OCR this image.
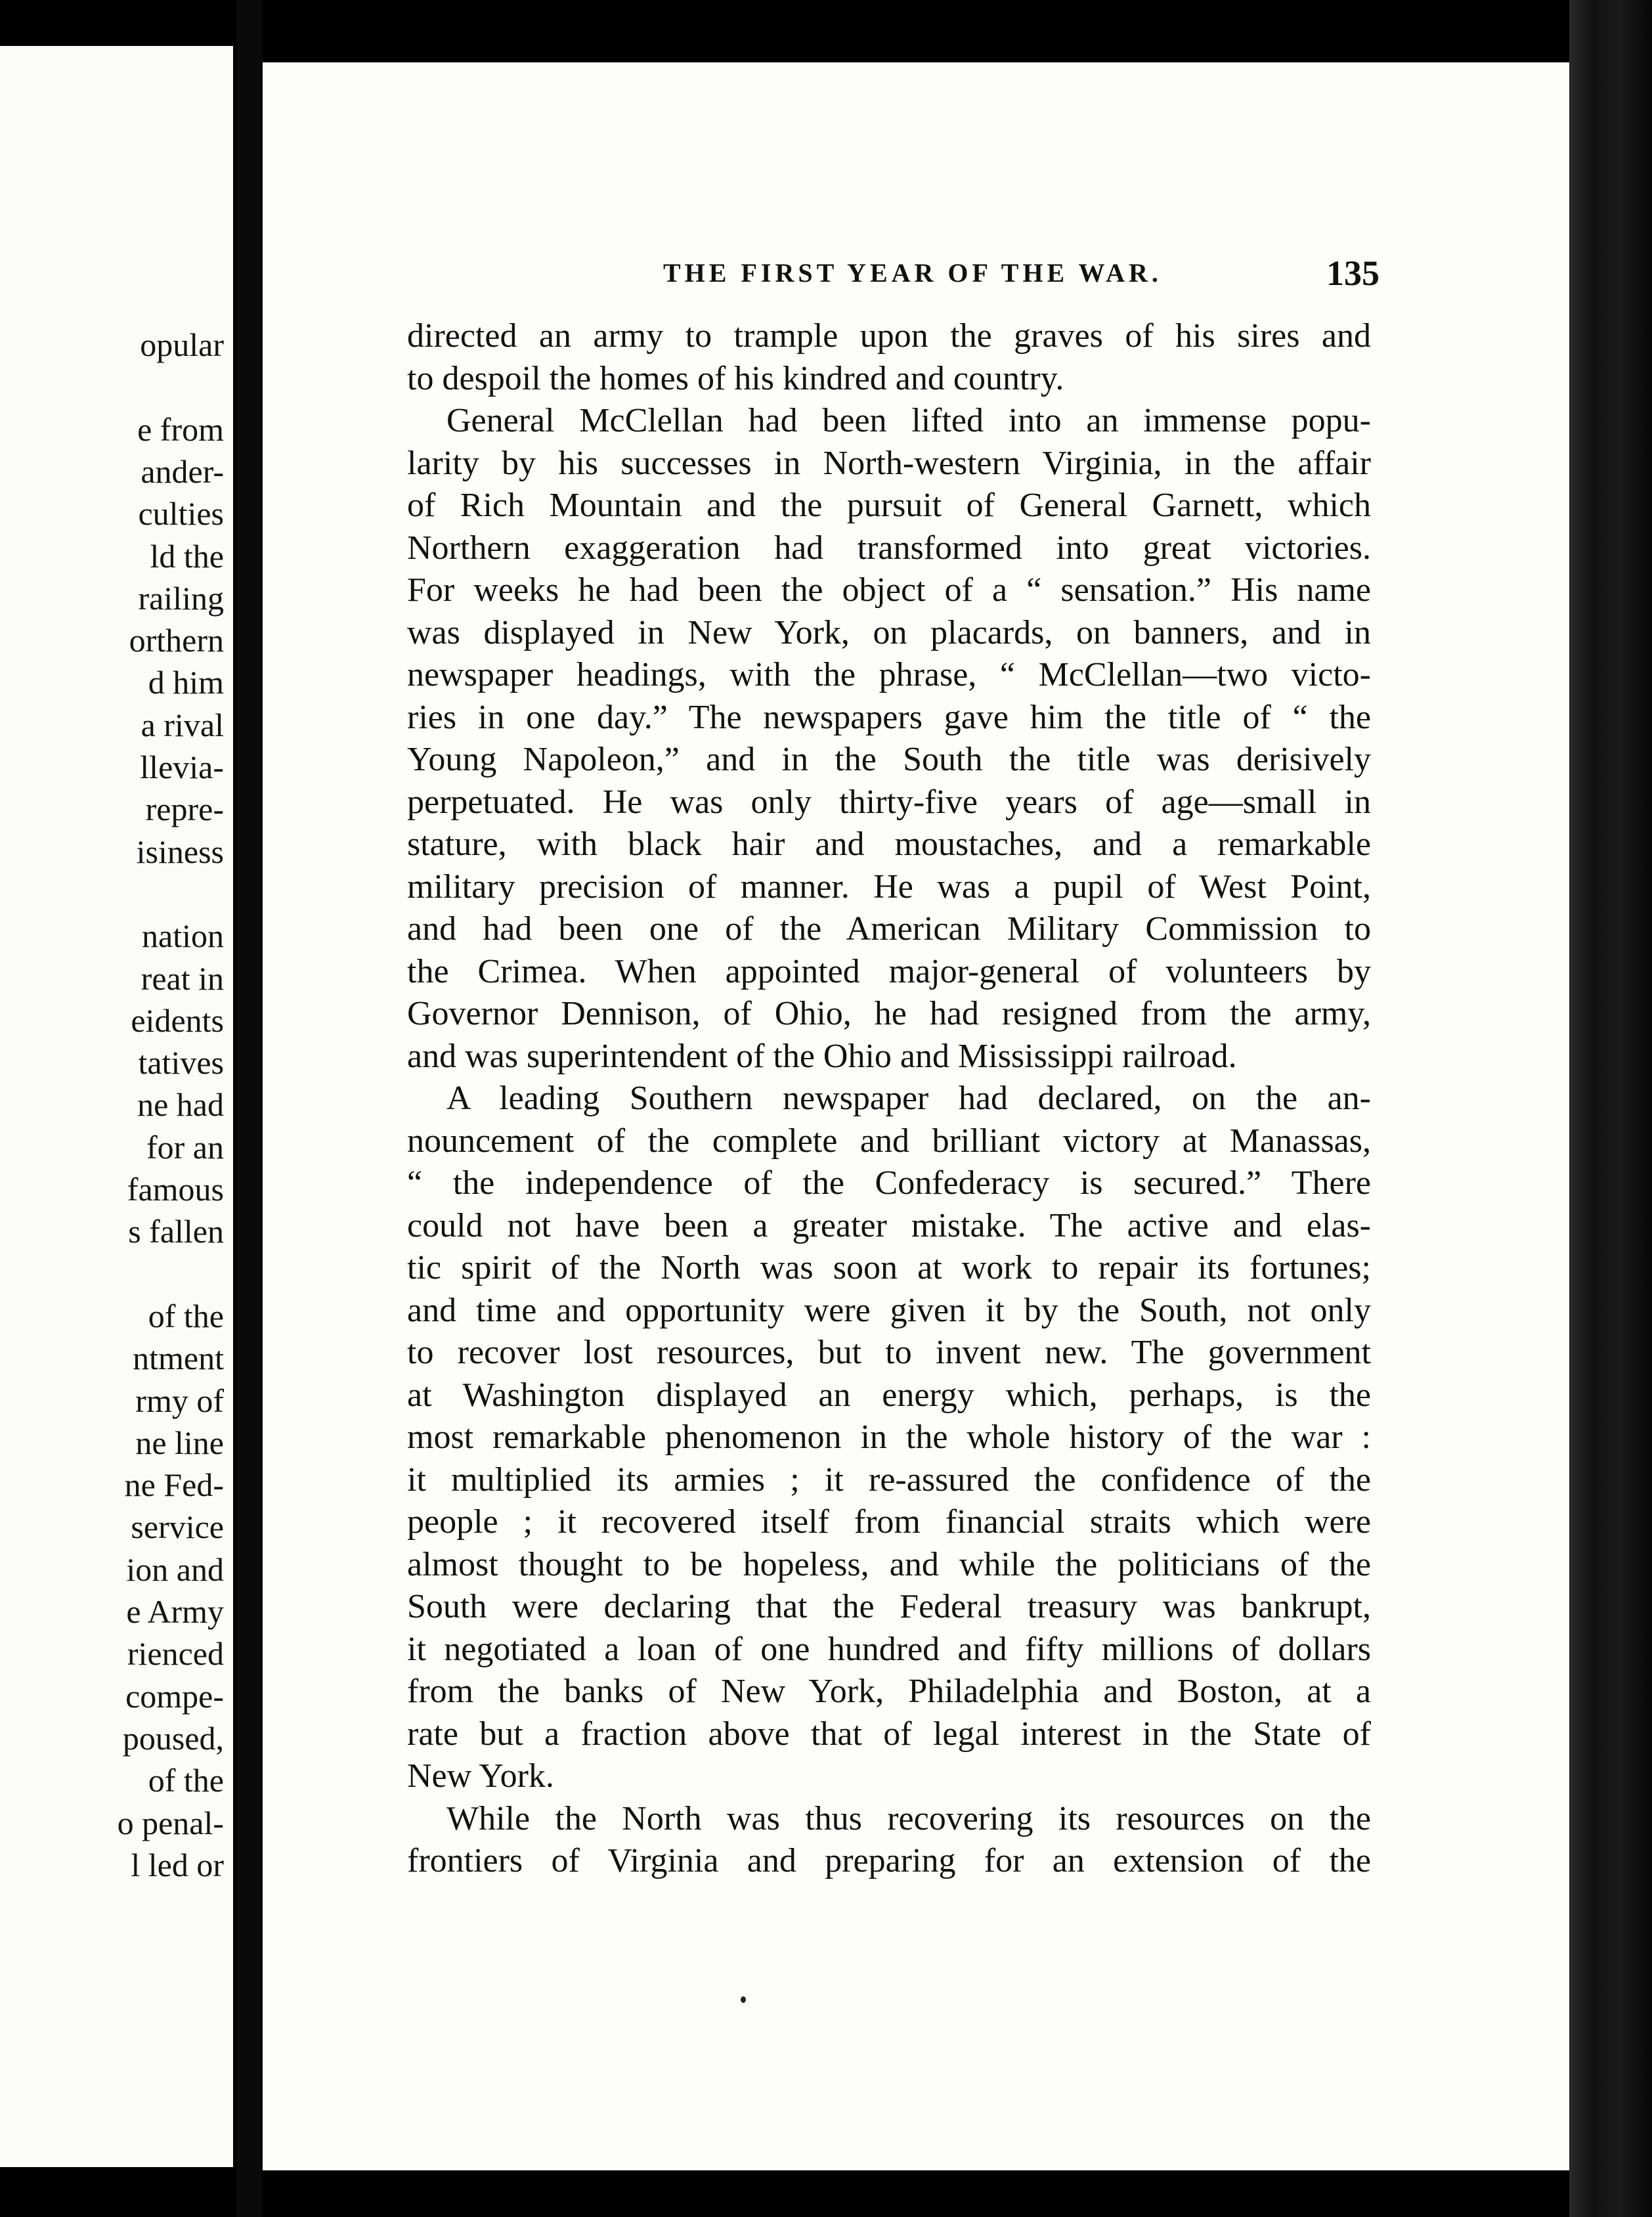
opular
e from
ander-
culties
ld the
railing
orthern
d him
a rival
llevia-
repre-
isiness
nation
reat in
eidents
tatives
ne had
for an
famous
s fallen
of the
ntment
rmy of
ne line
ne Fed-
service
ion and
e Army
rienced
compe-
poused,
of the
o penal-
l led or
THE FIRST YEAR OF THE WAR.	135
directed an army to trample upon the graves of his sires and
to despoil the homes of his kindred and country.
General McClellan had been lifted into an immense popu-
larity by his successes in North-western Virginia, in the affair
of Rich Mountain and the pursuit of General Garnett, which
Northern exaggeration had transformed into great victories.
For weeks he had been the object of a “ sensation.” His name
was displayed in New York, on placards, on banners, and in
newspaper headings, with the phrase, “ McClellan—two victo-
ries in one day.” The newspapers gave him the title of “ the
Young Napoleon,” and in the South the title was derisively
perpetuated. He was only thirty-five years of age—small in
stature, with black hair and moustaches, and a remarkable
military precision of manner. He was a pupil of West Point,
and had been one of the American Military Commission to
the Crimea. When appointed major-general of volunteers by
Governor Dennison, of Ohio, he had resigned from the army,
and was superintendent of the Ohio and Mississippi railroad.
A leading Southern newspaper had declared, on the an-
nouncement of the complete and brilliant victory at Manassas,
“ the independence of the Confederacy is secured.” There
could not have been a greater mistake. The active and elas-
tic spirit of the North was soon at work to repair its fortunes;
and time and opportunity were given it by the South, not only
to recover lost resources, but to invent new. The government
at Washington displayed an energy which, perhaps, is the
most remarkable phenomenon in the whole history of the war :
it multiplied its armies ; it re-assured the confidence of the
people ; it recovered itself from financial straits which were
almost thought to be hopeless, and while the politicians of the
South were declaring that the Federal treasury was bankrupt,
it negotiated a loan of one hundred and fifty millions of dollars
from the banks of New York, Philadelphia and Boston, at a
rate but a fraction above that of legal interest in the State of
New York.
While the North was thus recovering its resources on the
frontiers of Virginia and preparing for an extension of the
